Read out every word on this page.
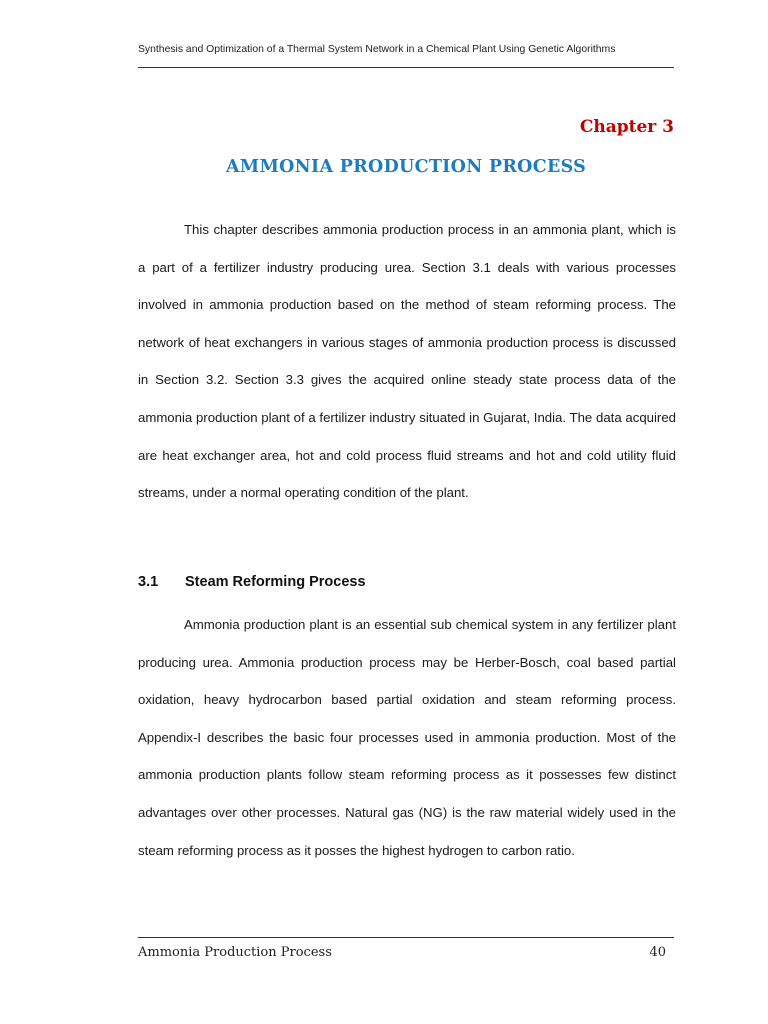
Synthesis and Optimization of a Thermal System Network in a Chemical Plant Using Genetic Algorithms
Chapter 3
AMMONIA PRODUCTION PROCESS

This chapter describes ammonia production process in an ammonia plant, which is a part of a fertilizer industry producing urea. Section 3.1 deals with various processes involved in ammonia production based on the method of steam reforming process. The network of heat exchangers in various stages of ammonia production process is discussed in Section 3.2. Section 3.3 gives the acquired online steady state process data of the ammonia production plant of a fertilizer industry situated in Gujarat, India. The data acquired are heat exchanger area, hot and cold process fluid streams and hot and cold utility fluid streams, under a normal operating condition of the plant.

3.1 Steam Reforming Process

Ammonia production plant is an essential sub chemical system in any fertilizer plant producing urea. Ammonia production process may be Herber-Bosch, coal based partial oxidation, heavy hydrocarbon based partial oxidation and steam reforming process. Appendix-I describes the basic four processes used in ammonia production. Most of the ammonia production plants follow steam reforming process as it possesses few distinct advantages over other processes. Natural gas (NG) is the raw material widely used in the steam reforming process as it posses the highest hydrogen to carbon ratio.

Ammonia Production Process	40
